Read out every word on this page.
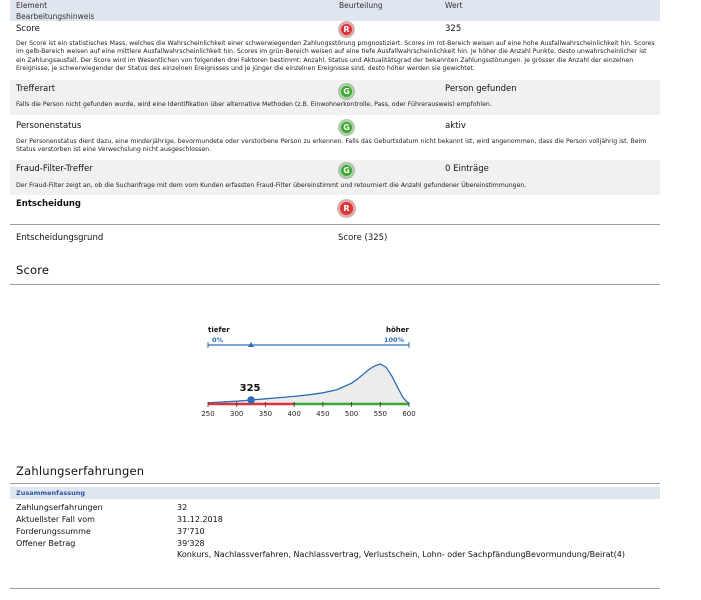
Element	Beurteilung	Wert
Bearbeitungshinweis
Score	R	325
Der Score ist ein statistisches Mass, welches die Wahrscheinlichkeit einer schwerwiegenden Zahlungsstörung prognostiziert. Scores im rot-Bereich weisen auf eine hohe Ausfallwahrscheinlichkeit hin. Scores im gelb-Bereich weisen auf eine mittlere Ausfallwahrscheinlichkeit hin. Scores im grün-Bereich weisen auf eine tiefe Ausfallwahrscheinlichkeit hin. Je höher die Anzahl Punkte, desto unwahrscheinlicher ist ein Zahlungsausfall. Der Score wird im Wesentlichen von folgenden drei Faktoren bestimmt: Anzahl, Status und Aktualitätsgrad der bekannten Zahlungsstörungen. Je grösser die Anzahl der einzelnen Ereignisse, je schwerwiegender der Status des einzelnen Ereignisses und je jünger die einzelnen Ereignisse sind, desto höher werden sie gewichtet.
Trefferart	G	Person gefunden
Falls die Person nicht gefunden wurde, wird eine Identifikation über alternative Methoden (z.B. Einwohnerkontrolle, Pass, oder Führerausweis) empfohlen.
Personenstatus	G	aktiv
Der Personenstatus dient dazu, eine minderjährige, bevormundete oder verstorbene Person zu erkennen. Falls das Geburtsdatum nicht bekannt ist, wird angenommen, dass die Person volljährig ist. Beim Status verstorben ist eine Verwechslung nicht ausgeschlossen.
Fraud-Filter-Treffer	G	0 Einträge
Der Fraud-Filter zeigt an, ob die Suchanfrage mit dem vom Kunden erfassten Fraud-Filter übereinstimmt und retourniert die Anzahl gefundener Übereinstimmungen.
Entscheidung	R
Entscheidungsgrund	Score (325)
Score
tiefer
0%
höher
100%
250 300 350 400 450 500 550 600
325
Zahlungserfahrungen
Zusammenfassung
Zahlungserfahrungen	32
Aktuellster Fall vom	31.12.2018
Forderungssumme	37'710
Offener Betrag	39'328
Konkurs, Nachlassverfahren, Nachlassvertrag, Verlustschein, Lohn- oder SachpfändungBevormundung/Beirat(4)
